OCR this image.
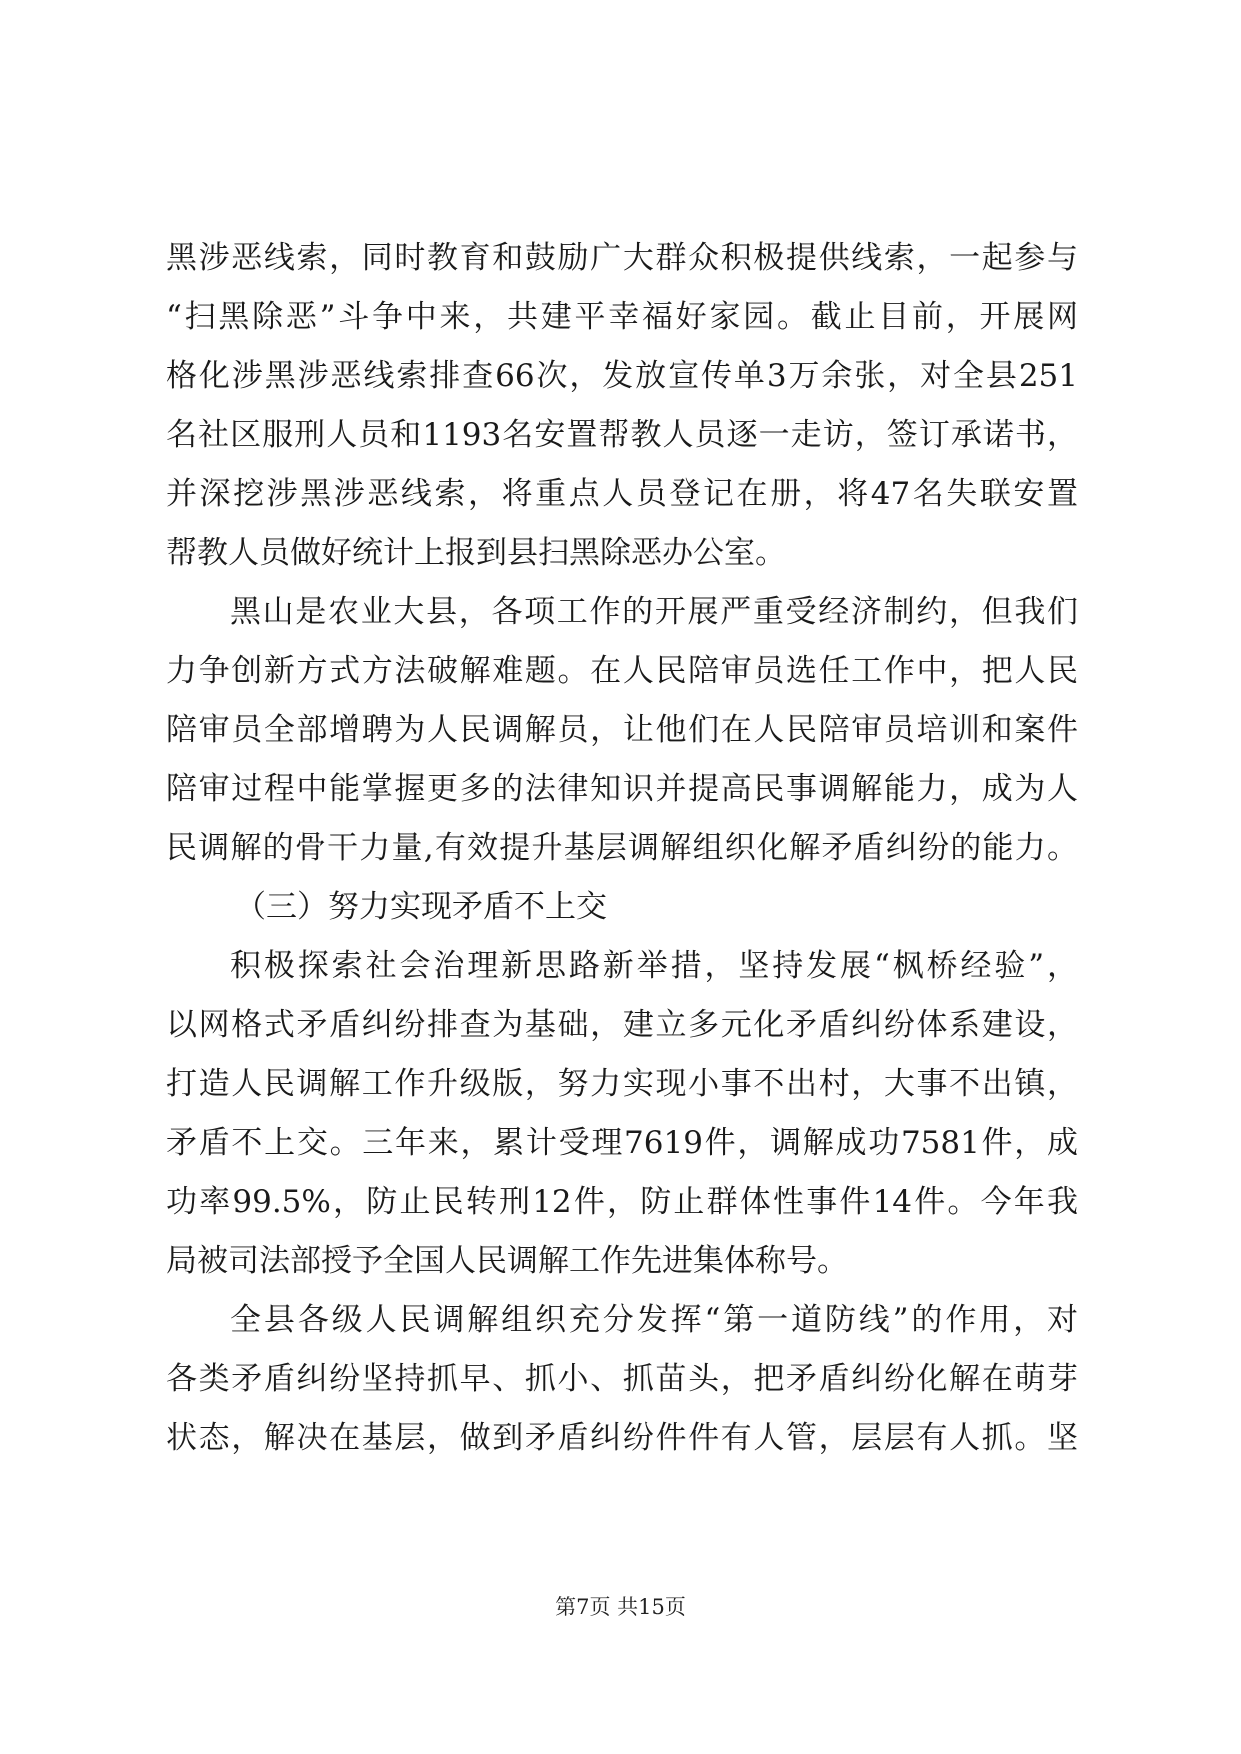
黑涉恶线索，同时教育和鼓励广大群众积极提供线索，一起参与
“扫黑除恶”斗争中来，共建平幸福好家园。截止目前，开展网
格化涉黑涉恶线索排查66次，发放宣传单3万余张，对全县251
名社区服刑人员和1193名安置帮教人员逐一走访，签订承诺书，
并深挖涉黑涉恶线索，将重点人员登记在册，将47名失联安置
帮教人员做好统计上报到县扫黑除恶办公室。
黑山是农业大县，各项工作的开展严重受经济制约，但我们
力争创新方式方法破解难题。在人民陪审员选任工作中，把人民
陪审员全部增聘为人民调解员，让他们在人民陪审员培训和案件
陪审过程中能掌握更多的法律知识并提高民事调解能力，成为人
民调解的骨干力量,有效提升基层调解组织化解矛盾纠纷的能力。
（三）努力实现矛盾不上交
积极探索社会治理新思路新举措，坚持发展“枫桥经验”，
以网格式矛盾纠纷排查为基础，建立多元化矛盾纠纷体系建设，
打造人民调解工作升级版，努力实现小事不出村，大事不出镇，
矛盾不上交。三年来，累计受理7619件，调解成功7581件，成
功率99.5%，防止民转刑12件，防止群体性事件14件。今年我
局被司法部授予全国人民调解工作先进集体称号。
全县各级人民调解组织充分发挥“第一道防线”的作用，对
各类矛盾纠纷坚持抓早、抓小、抓苗头，把矛盾纠纷化解在萌芽
状态，解决在基层，做到矛盾纠纷件件有人管，层层有人抓。坚
第7页 共15页
